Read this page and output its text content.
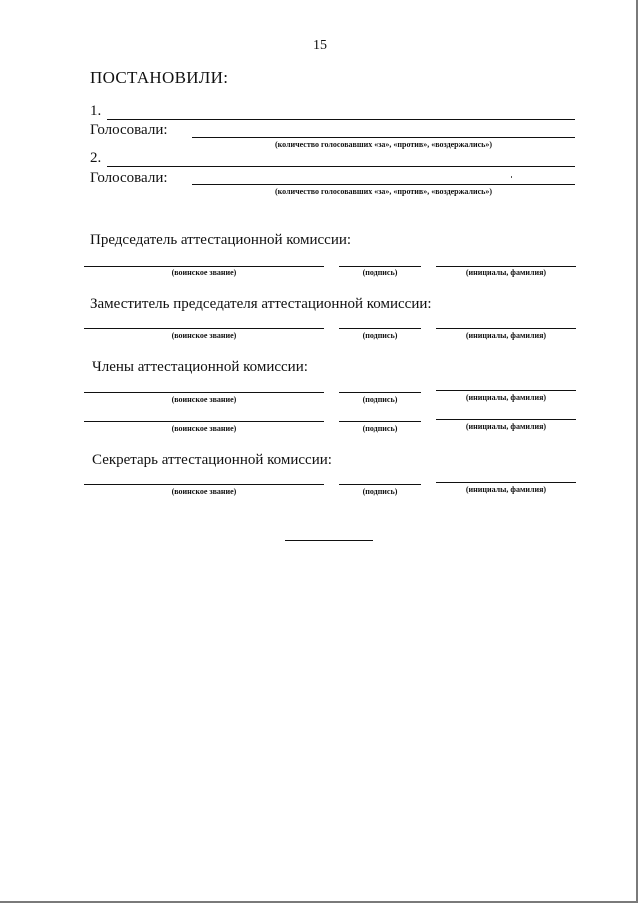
15
ПОСТАНОВИЛИ:
1.
Голосовали:
(количество голосовавших «за», «против», «воздержались»)
2.
Голосовали:
(количество голосовавших «за», «против», «воздержались»)
Председатель аттестационной комиссии:
(воинское звание)	(подпись)	(инициалы, фамилия)
Заместитель председателя аттестационной комиссии:
(воинское звание)	(подпись)	(инициалы, фамилия)
Члены аттестационной комиссии:
(воинское звание)	(подпись)	(инициалы, фамилия)
(воинское звание)	(подпись)	(инициалы, фамилия)
Секретарь аттестационной комиссии:
(воинское звание)	(подпись)	(инициалы, фамилия)
